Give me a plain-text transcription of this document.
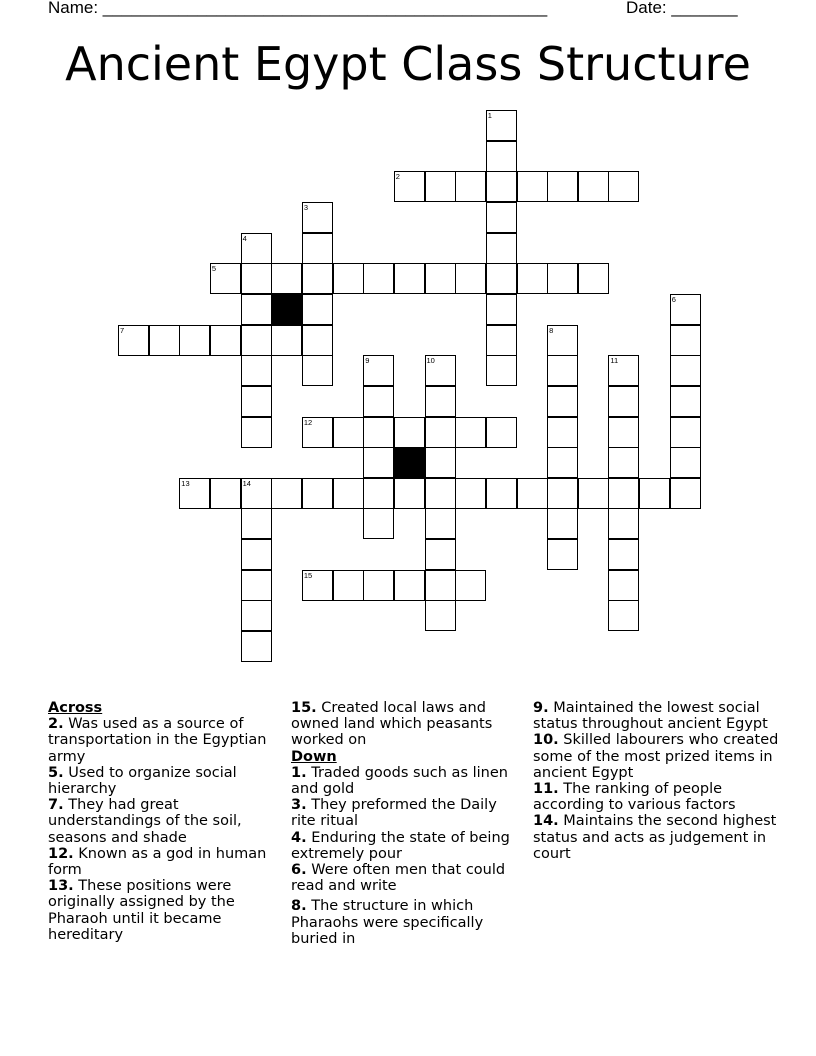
Name: _______________________________________________	Date: _______
Ancient Egypt Class Structure
1
2
3
4
5
6
7	8
9	10	11
12
13	14
15
Across

2. Was used as a source of transportation in the Egyptian army

5. Used to organize social hierarchy

7. They had great understandings of the soil, seasons and shade

12. Known as a god in human form

13. These positions were originally assigned by the Pharaoh until it became hereditary

15. Created local laws and owned land which peasants worked on

Down

1. Traded goods such as linen and gold

3. They preformed the Daily rite ritual

4. Enduring the state of being extremely pour

6. Were often men that could read and write

8. The structure in which Pharaohs were specifically buried in

9. Maintained the lowest social status throughout ancient Egypt

10. Skilled labourers who created some of the most prized items in ancient Egypt

11. The ranking of people according to various factors

14. Maintains the second highest status and acts as judgement in court
